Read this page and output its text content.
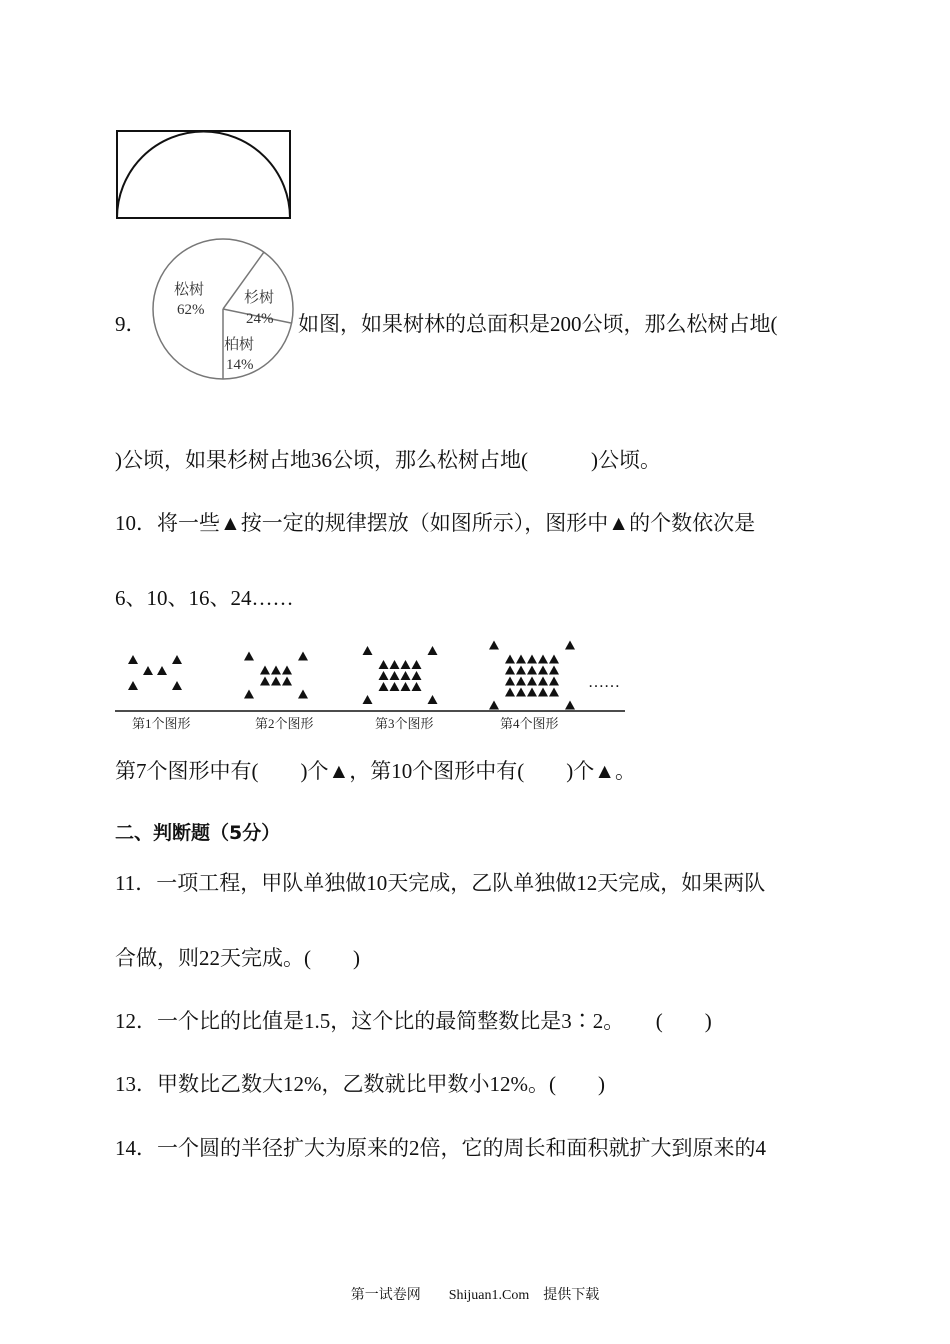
9．
松树
62%
杉树
24%
柏树
14%
如图，如果树林的总面积是200公顷，那么松树占地(
)公顷，如果杉树占地36公顷，那么松树占地(　　　)公顷。
10．将一些▲按一定的规律摆放（如图所示），图形中▲的个数依次是
6、10、16、24……
……
第1个图形	第2个图形	第3个图形	第4个图形
第7个图形中有(　　)个▲，第10个图形中有(　　)个▲。
二、判断题（5分）
11．一项工程，甲队单独做10天完成，乙队单独做12天完成，如果两队
合做，则22天完成。(　　)
12．一个比的比值是1.5，这个比的最简整数比是3∶2。　　(　　)
13．甲数比乙数大12%，乙数就比甲数小12%。(　　)
14．一个圆的半径扩大为原来的2倍，它的周长和面积就扩大到原来的4
第一试卷网　　Shijuan1.Com　提供下载
